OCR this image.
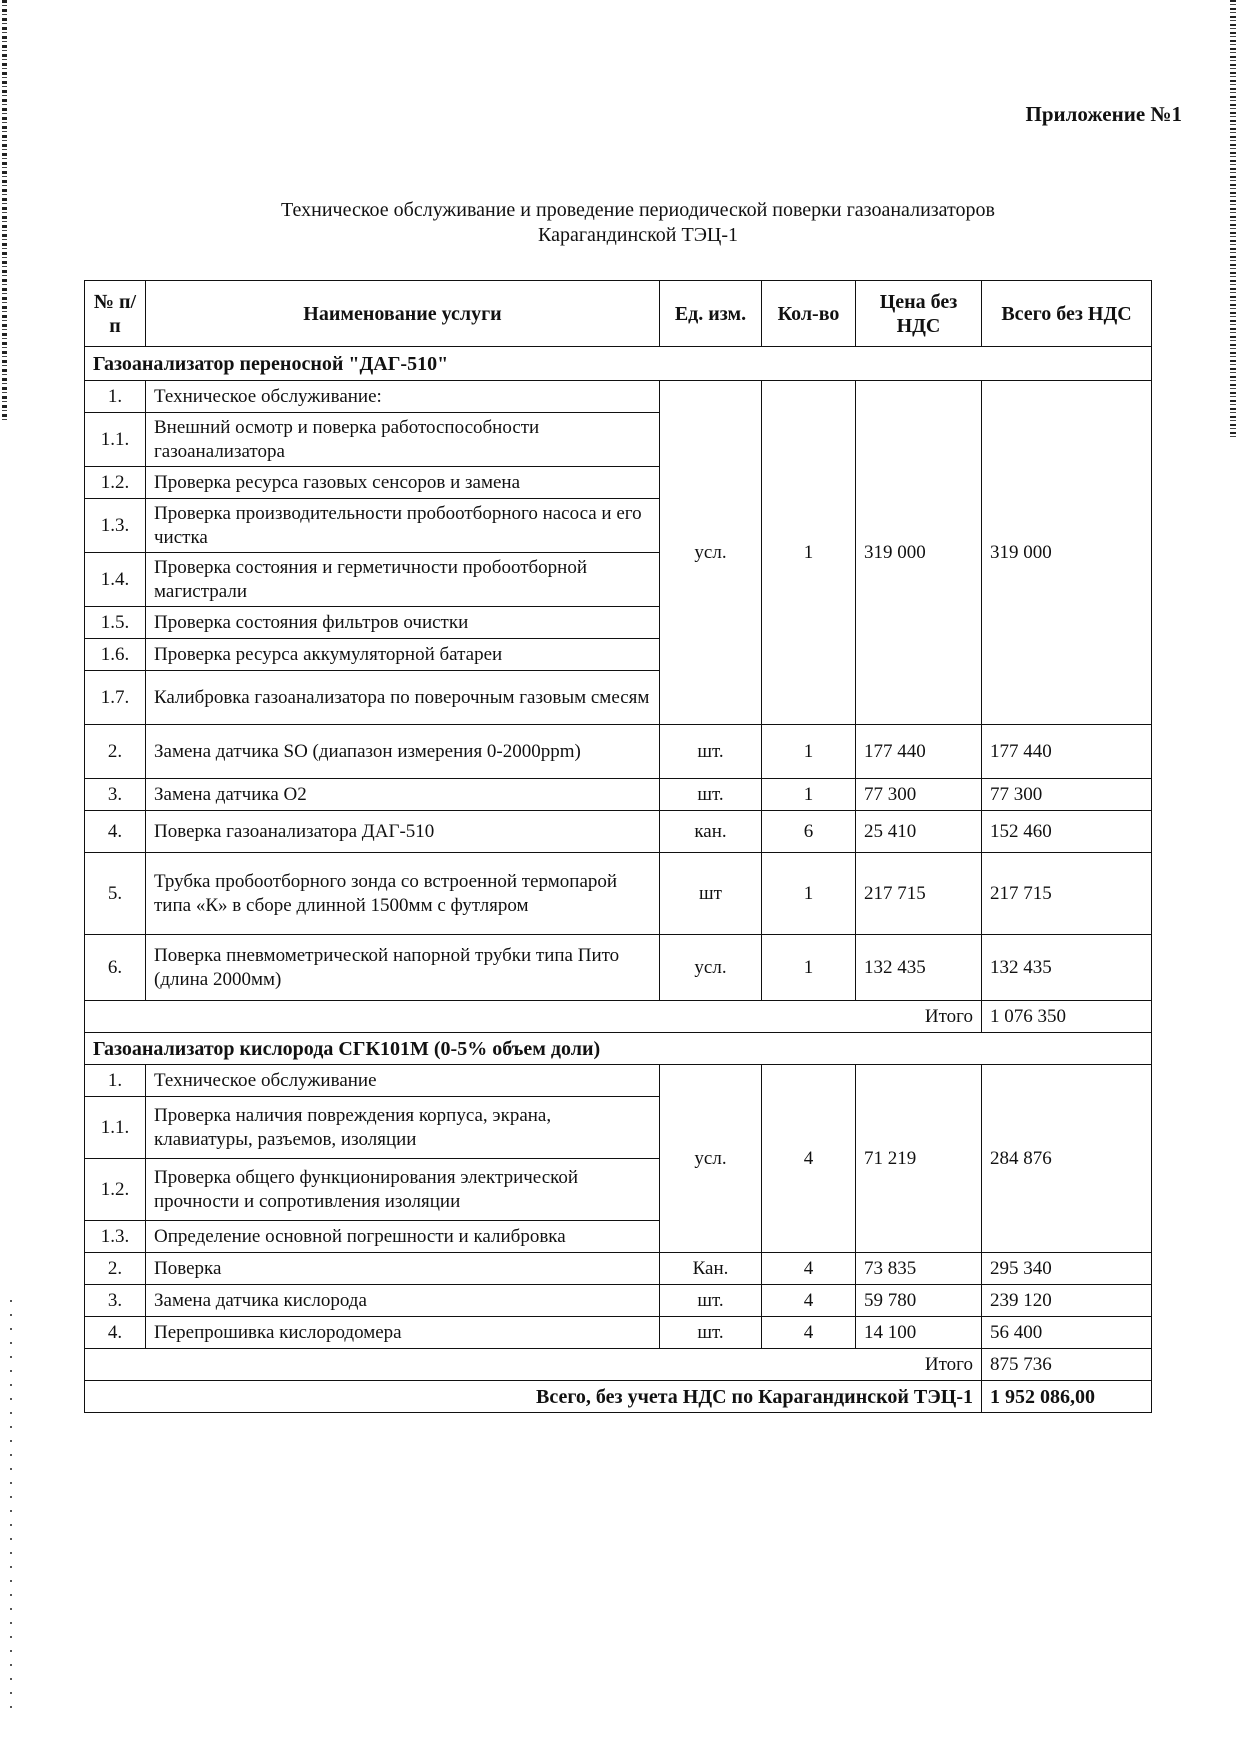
Приложение №1
Техническое обслуживание и проведение периодической поверки газоанализаторов
Карагандинской ТЭЦ-1
№ п/п	Наименование услуги	Ед. изм.	Кол-во	Цена без НДС	Всего без НДС
Газоанализатор переносной "ДАГ-510"					
1.	Техническое обслуживание:	усл.	1	319 000	319 000
1.1.	Внешний осмотр и поверка работоспособности газоанализатора				
1.2.	Проверка ресурса газовых сенсоров и замена				
1.3.	Проверка производительности пробоотборного насоса и его чистка				
1.4.	Проверка состояния и герметичности пробоотборной магистрали				
1.5.	Проверка состояния фильтров очистки				
1.6.	Проверка ресурса аккумуляторной батареи				
1.7.	Калибровка газоанализатора по поверочным газовым смесям				
2.	Замена датчика SO (диапазон измерения 0-2000ppm)	шт.	1	177 440	177 440
3.	Замена датчика О2	шт.	1	77 300	77 300
4.	Поверка газоанализатора ДАГ-510	кан.	6	25 410	152 460
5.	Трубка пробоотборного зонда со встроенной термопарой типа «К» в сборе длинной 1500мм с футляром	шт	1	217 715	217 715
6.	Поверка пневмометрической напорной трубки типа Пито (длина 2000мм)	усл.	1	132 435	132 435
Итого					1 076 350
Газоанализатор кислорода СГК101М (0-5% объем доли)					
1.	Техническое обслуживание	усл.	4	71 219	284 876
1.1.	Проверка наличия повреждения корпуса, экрана, клавиатуры, разъемов, изоляции				
1.2.	Проверка общего функционирования электрической прочности и сопротивления изоляции				
1.3.	Определение основной погрешности и калибровка				
2.	Поверка	Кан.	4	73 835	295 340
3.	Замена датчика кислорода	шт.	4	59 780	239 120
4.	Перепрошивка кислородомера	шт.	4	14 100	56 400
Итого					875 736
Всего, без учета НДС по Карагандинской ТЭЦ-1					1 952 086,00
